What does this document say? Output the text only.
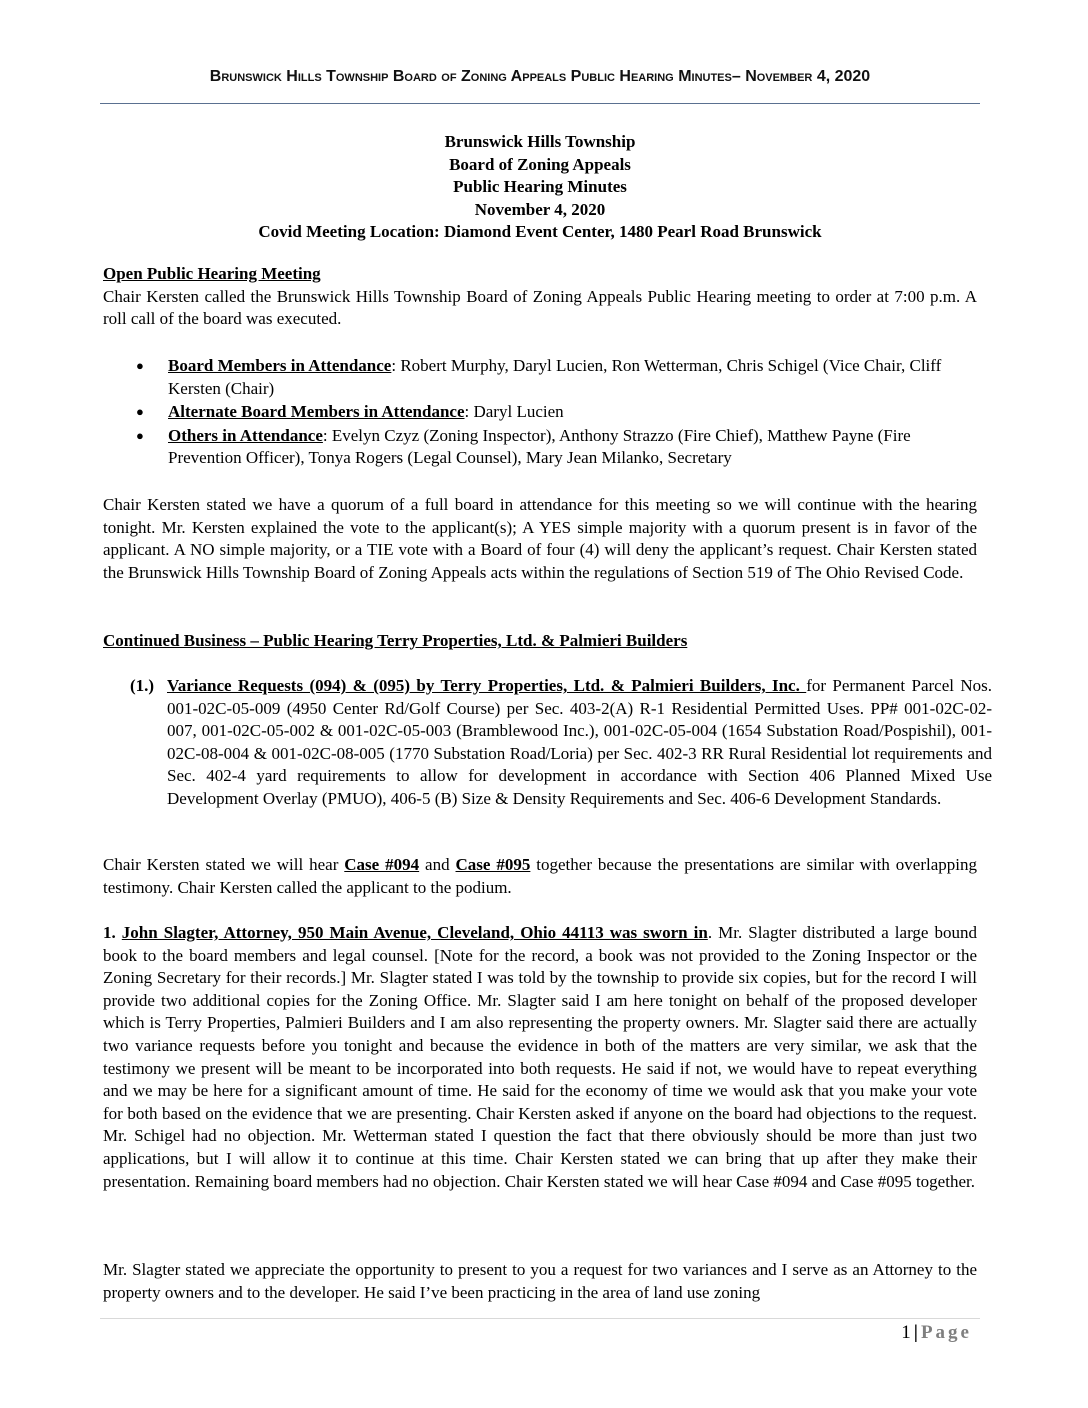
Brunswick Hills Township Board of Zoning Appeals Public Hearing Minutes– November 4, 2020
Brunswick Hills Township
Board of Zoning Appeals
Public Hearing Minutes
November 4, 2020
Covid Meeting Location: Diamond Event Center, 1480 Pearl Road Brunswick
Open Public Hearing Meeting
Chair Kersten called the Brunswick Hills Township Board of Zoning Appeals Public Hearing meeting to order at 7:00 p.m. A roll call of the board was executed.
● Board Members in Attendance: Robert Murphy, Daryl Lucien, Ron Wetterman, Chris Schigel (Vice Chair, Cliff Kersten (Chair)
● Alternate Board Members in Attendance: Daryl Lucien
● Others in Attendance: Evelyn Czyz (Zoning Inspector), Anthony Strazzo (Fire Chief), Matthew Payne (Fire Prevention Officer), Tonya Rogers (Legal Counsel), Mary Jean Milanko, Secretary
Chair Kersten stated we have a quorum of a full board in attendance for this meeting so we will continue with the hearing tonight. Mr. Kersten explained the vote to the applicant(s); A YES simple majority with a quorum present is in favor of the applicant. A NO simple majority, or a TIE vote with a Board of four (4) will deny the applicant’s request. Chair Kersten stated the Brunswick Hills Township Board of Zoning Appeals acts within the regulations of Section 519 of The Ohio Revised Code.
Continued Business – Public Hearing Terry Properties, Ltd. & Palmieri Builders
(1.) Variance Requests (094) & (095) by Terry Properties, Ltd. & Palmieri Builders, Inc. for Permanent Parcel Nos. 001-02C-05-009 (4950 Center Rd/Golf Course) per Sec. 403-2(A) R-1 Residential Permitted Uses. PP# 001-02C-02-007, 001-02C-05-002 & 001-02C-05-003 (Bramblewood Inc.), 001-02C-05-004 (1654 Substation Road/Pospishil), 001-02C-08-004 & 001-02C-08-005 (1770 Substation Road/Loria) per Sec. 402-3 RR Rural Residential lot requirements and Sec. 402-4 yard requirements to allow for development in accordance with Section 406 Planned Mixed Use Development Overlay (PMUO), 406-5 (B) Size & Density Requirements and Sec. 406-6 Development Standards.
Chair Kersten stated we will hear Case #094 and Case #095 together because the presentations are similar with overlapping testimony. Chair Kersten called the applicant to the podium.
1. John Slagter, Attorney, 950 Main Avenue, Cleveland, Ohio 44113 was sworn in. Mr. Slagter distributed a large bound book to the board members and legal counsel. [Note for the record, a book was not provided to the Zoning Inspector or the Zoning Secretary for their records.] Mr. Slagter stated I was told by the township to provide six copies, but for the record I will provide two additional copies for the Zoning Office. Mr. Slagter said I am here tonight on behalf of the proposed developer which is Terry Properties, Palmieri Builders and I am also representing the property owners. Mr. Slagter said there are actually two variance requests before you tonight and because the evidence in both of the matters are very similar, we ask that the testimony we present will be meant to be incorporated into both requests. He said if not, we would have to repeat everything and we may be here for a significant amount of time. He said for the economy of time we would ask that you make your vote for both based on the evidence that we are presenting. Chair Kersten asked if anyone on the board had objections to the request. Mr. Schigel had no objection. Mr. Wetterman stated I question the fact that there obviously should be more than just two applications, but I will allow it to continue at this time. Chair Kersten stated we can bring that up after they make their presentation. Remaining board members had no objection. Chair Kersten stated we will hear Case #094 and Case #095 together.
Mr. Slagter stated we appreciate the opportunity to present to you a request for two variances and I serve as an Attorney to the property owners and to the developer. He said I’ve been practicing in the area of land use zoning
1 | Page
